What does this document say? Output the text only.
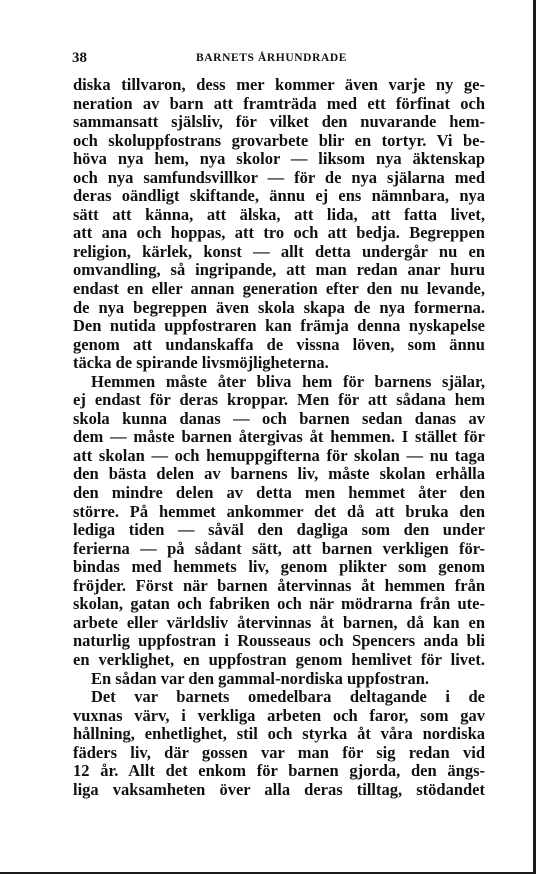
38	BARNETS ÅRHUNDRADE
diska tillvaron, dess mer kommer även varje ny ge-
neration av barn att framträda med ett förfinat och
sammansatt själsliv, för vilket den nuvarande hem-
och skoluppfostrans grovarbete blir en tortyr. Vi be-
höva nya hem, nya skolor — liksom nya äktenskap
och nya samfundsvillkor — för de nya själarna med
deras oändligt skiftande, ännu ej ens nämnbara, nya
sätt att känna, att älska, att lida, att fatta livet,
att ana och hoppas, att tro och att bedja. Begreppen
religion, kärlek, konst — allt detta undergår nu en
omvandling, så ingripande, att man redan anar huru
endast en eller annan generation efter den nu levande,
de nya begreppen även skola skapa de nya formerna.
Den nutida uppfostraren kan främja denna nyskapelse
genom att undanskaffa de vissna löven, som ännu
täcka de spirande livsmöjligheterna.
Hemmen måste åter bliva hem för barnens själar,
ej endast för deras kroppar. Men för att sådana hem
skola kunna danas — och barnen sedan danas av
dem — måste barnen återgivas åt hemmen. I stället för
att skolan — och hemuppgifterna för skolan — nu taga
den bästa delen av barnens liv, måste skolan erhålla
den mindre delen av detta men hemmet åter den
större. På hemmet ankommer det då att bruka den
lediga tiden — såväl den dagliga som den under
ferierna — på sådant sätt, att barnen verkligen för-
bindas med hemmets liv, genom plikter som genom
fröjder. Först när barnen återvinnas åt hemmen från
skolan, gatan och fabriken och när mödrarna från ute-
arbete eller världsliv återvinnas åt barnen, då kan en
naturlig uppfostran i Rousseaus och Spencers anda bli
en verklighet, en uppfostran genom hemlivet för livet.
En sådan var den gammal-nordiska uppfostran.
Det var barnets omedelbara deltagande i de
vuxnas värv, i verkliga arbeten och faror, som gav
hållning, enhetlighet, stil och styrka åt våra nordiska
fäders liv, där gossen var man för sig redan vid
12 år. Allt det enkom för barnen gjorda, den ängs-
liga vaksamheten över alla deras tilltag, stödandet
